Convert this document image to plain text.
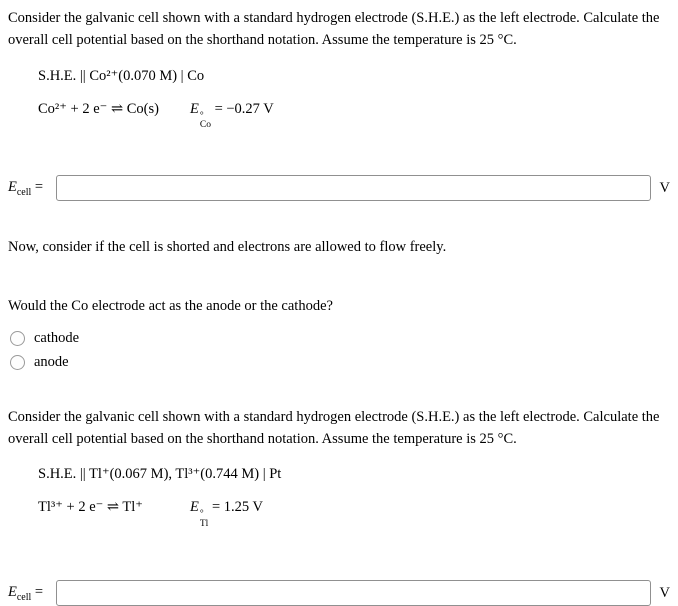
Consider the galvanic cell shown with a standard hydrogen electrode (S.H.E.) as the left electrode. Calculate the overall cell potential based on the shorthand notation. Assume the temperature is 25 °C.

S.H.E. || Co²⁺(0.070 M) | Co
Co²⁺ + 2 e⁻ ⇌ Co(s)	E °
Co
= −0.27 V
$E_{cell}$ =	V

Now, consider if the cell is shorted and electrons are allowed to flow freely.

Would the Co electrode act as the anode or the cathode?

cathode
anode

Consider the galvanic cell shown with a standard hydrogen electrode (S.H.E.) as the left electrode. Calculate the overall cell potential based on the shorthand notation. Assume the temperature is 25 °C.

S.H.E. || Tl⁺(0.067 M), Tl³⁺(0.744 M) | Pt
Tl³⁺ + 2 e⁻ ⇌ Tl⁺	E °
Tl
= 1.25 V
$E_{cell}$ =	V
